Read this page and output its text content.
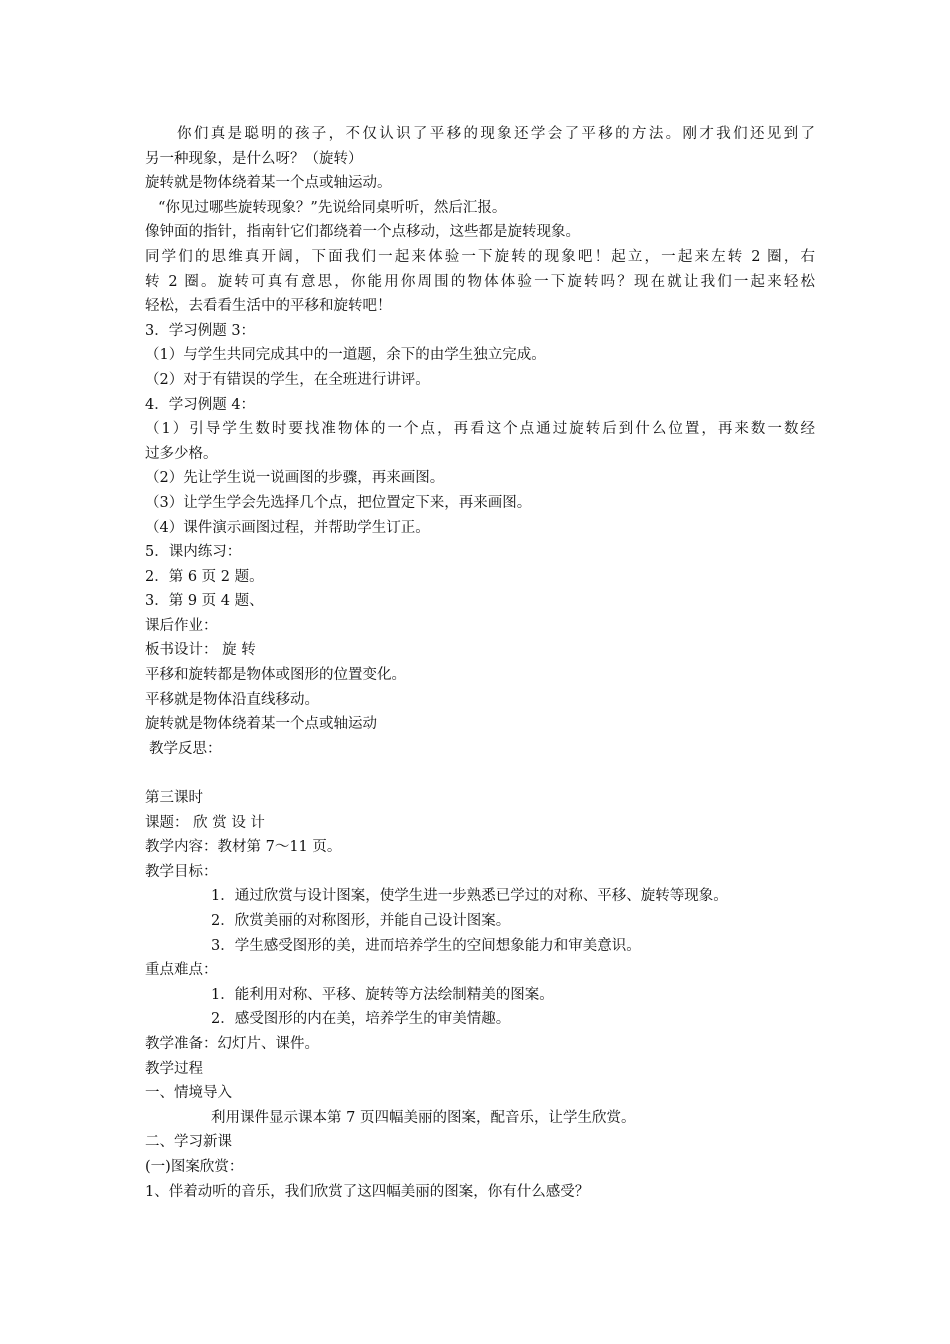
你们真是聪明的孩子，不仅认识了平移的现象还学会了平移的方法。刚才我们还见到了
另一种现象，是什么呀？（旋转）
旋转就是物体绕着某一个点或轴运动。
“你见过哪些旋转现象？”先说给同桌听听，然后汇报。
像钟面的指针，指南针它们都绕着一个点移动，这些都是旋转现象。
同学们的思维真开阔，下面我们一起来体验一下旋转的现象吧！起立，一起来左转 2 圈，右
转 2 圈。旋转可真有意思，你能用你周围的物体体验一下旋转吗？现在就让我们一起来轻松
轻松，去看看生活中的平移和旋转吧！
3．学习例题 3：
（1）与学生共同完成其中的一道题，余下的由学生独立完成。
（2）对于有错误的学生，在全班进行讲评。
4．学习例题 4：
（1）引导学生数时要找准物体的一个点，再看这个点通过旋转后到什么位置，再来数一数经
过多少格。
（2）先让学生说一说画图的步骤，再来画图。
（3）让学生学会先选择几个点，把位置定下来，再来画图。
（4）课件演示画图过程，并帮助学生订正。
5．课内练习：
2．第 6 页 2 题。
3．第 9 页 4 题、
课后作业：
板书设计： 旋 转
平移和旋转都是物体或图形的位置变化。
平移就是物体沿直线移动。
旋转就是物体绕着某一个点或轴运动
教学反思：
第三课时
课题： 欣 赏 设 计
教学内容：教材第 7～11 页。
教学目标：
1．通过欣赏与设计图案，使学生进一步熟悉已学过的对称、平移、旋转等现象。
2．欣赏美丽的对称图形，并能自己设计图案。
3．学生感受图形的美，进而培养学生的空间想象能力和审美意识。
重点难点：
1．能利用对称、平移、旋转等方法绘制精美的图案。
2．感受图形的内在美，培养学生的审美情趣。
教学准备：幻灯片、课件。
教学过程
一、情境导入
利用课件显示课本第 7 页四幅美丽的图案，配音乐，让学生欣赏。
二、学习新课
(一)图案欣赏：
1、伴着动听的音乐，我们欣赏了这四幅美丽的图案，你有什么感受？
